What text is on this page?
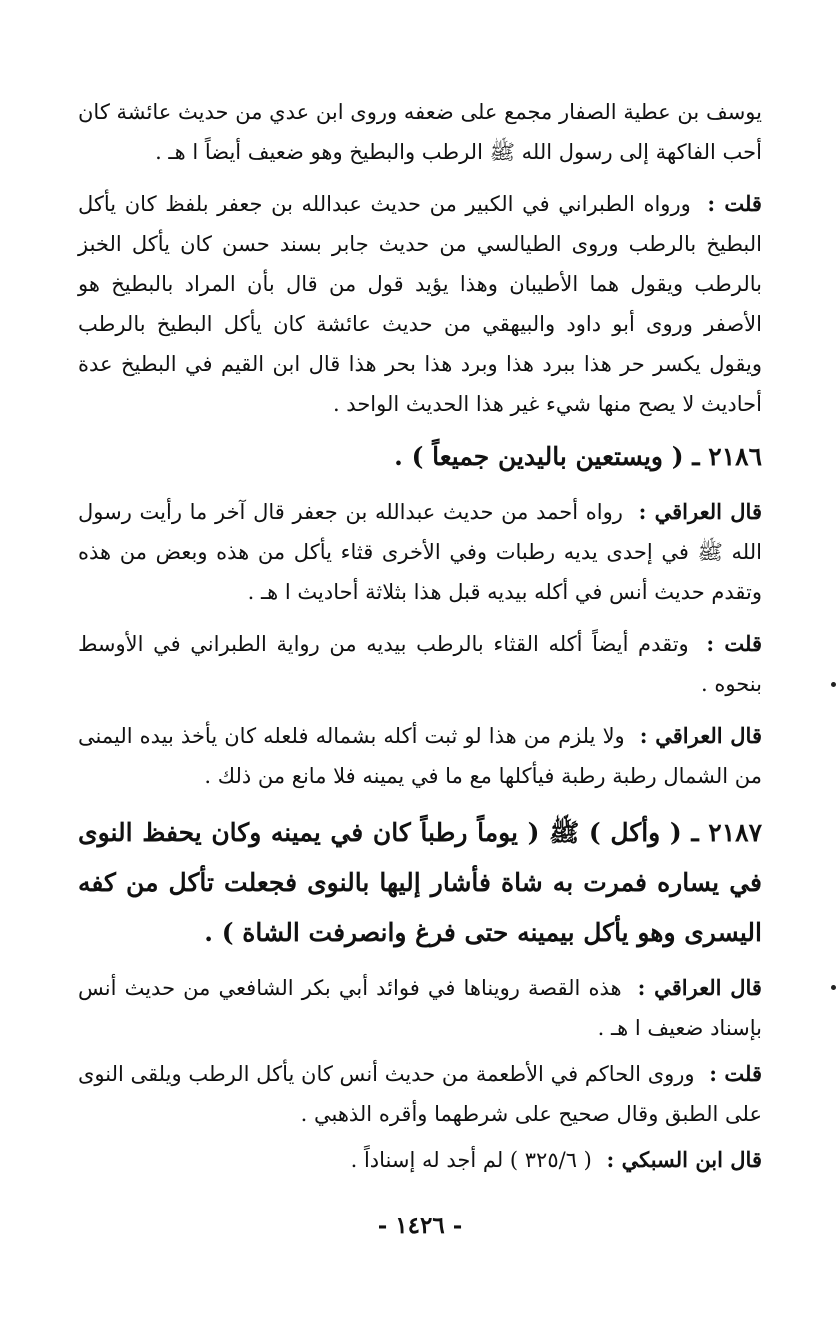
يوسف بن عطية الصفار مجمع على ضعفه وروى ابن عدي من حديث عائشة كان أحب الفاكهة إلى رسول الله ﷺ الرطب والبطيخ وهو ضعيف أيضاً ا هـ .

قلت : ورواه الطبراني في الكبير من حديث عبدالله بن جعفر بلفظ كان يأكل البطيخ بالرطب وروى الطيالسي من حديث جابر بسند حسن كان يأكل الخبز بالرطب ويقول هما الأطيبان وهذا يؤيد قول من قال بأن المراد بالبطيخ هو الأصفر وروى أبو داود والبيهقي من حديث عائشة كان يأكل البطيخ بالرطب ويقول يكسر حر هذا ببرد هذا وبرد هذا بحر هذا قال ابن القيم في البطيخ عدة أحاديث لا يصح منها شيء غير هذا الحديث الواحد .

٢١٨٦ ـ ( ويستعين باليدين جميعاً ) .

قال العراقي : رواه أحمد من حديث عبدالله بن جعفر قال آخر ما رأيت رسول الله ﷺ في إحدى يديه رطبات وفي الأخرى قثاء يأكل من هذه وبعض من هذه وتقدم حديث أنس في أكله بيديه قبل هذا بثلاثة أحاديث ا هـ .

قلت : وتقدم أيضاً أكله القثاء بالرطب بيديه من رواية الطبراني في الأوسط بنحوه .

قال العراقي : ولا يلزم من هذا لو ثبت أكله بشماله فلعله كان يأخذ بيده اليمنى من الشمال رطبة رطبة فيأكلها مع ما في يمينه فلا مانع من ذلك .

٢١٨٧ ـ ( وأكل ) ﷺ ( يوماً رطباً كان في يمينه وكان يحفظ النوى في يساره فمرت به شاة فأشار إليها بالنوى فجعلت تأكل من كفه اليسرى وهو يأكل بيمينه حتى فرغ وانصرفت الشاة ) .

قال العراقي : هذه القصة رويناها في فوائد أبي بكر الشافعي من حديث أنس بإسناد ضعيف ا هـ .

قلت : وروى الحاكم في الأطعمة من حديث أنس كان يأكل الرطب ويلقى النوى على الطبق وقال صحيح على شرطهما وأقره الذهبي .

قال ابن السبكي : ( ٣٢٥/٦ ) لم أجد له إسناداً .

- ١٤٢٦ -
